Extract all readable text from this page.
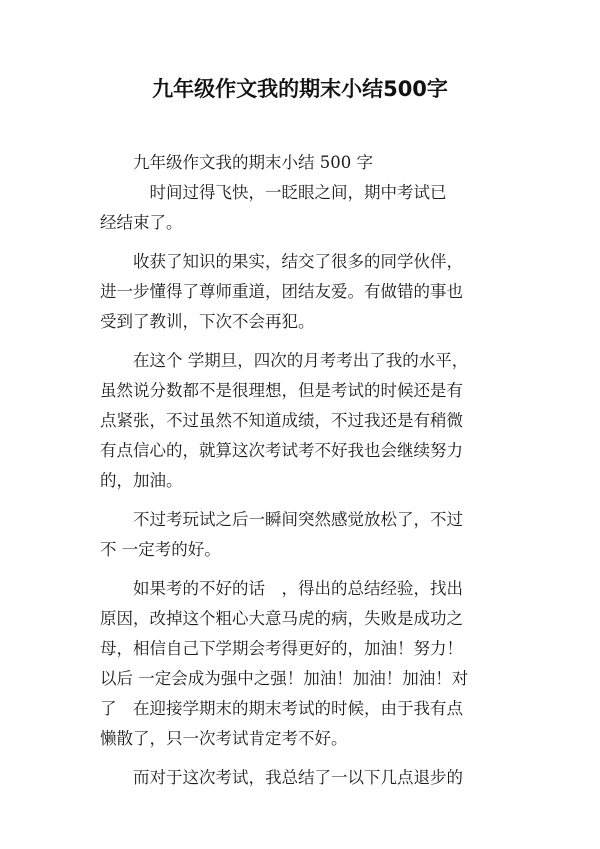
九年级作文我的期末小结500字
　　九年级作文我的期末小结 500 字
　　　时间过得飞快，一眨眼之间，期中考试已
经结束了。
　　收获了知识的果实，结交了很多的同学伙伴，
进一步懂得了尊师重道，团结友爱。有做错的事也
受到了教训，下次不会再犯。
　　在这个 学期旦，四次的月考考出了我的水平，
虽然说分数都不是很理想，但是考试的时候还是有
点紧张，不过虽然不知道成绩，不过我还是有稍微
有点信心的，就算这次考试考不好我也会继续努力
的，加油。
　　不过考玩试之后一瞬间突然感觉放松了，不过
不 一定考的好。
　　如果考的不好的话　，得出的总结经验，找出
原因，改掉这个粗心大意马虎的病，失败是成功之
母，相信自己下学期会考得更好的，加油！努力！
以后 一定会成为强中之强！加油！加油！加油！对
了　在迎接学期末的期末考试的时候，由于我有点
懒散了，只一次考试肯定考不好。
　　而对于这次考试，我总结了一以下几点退步的
